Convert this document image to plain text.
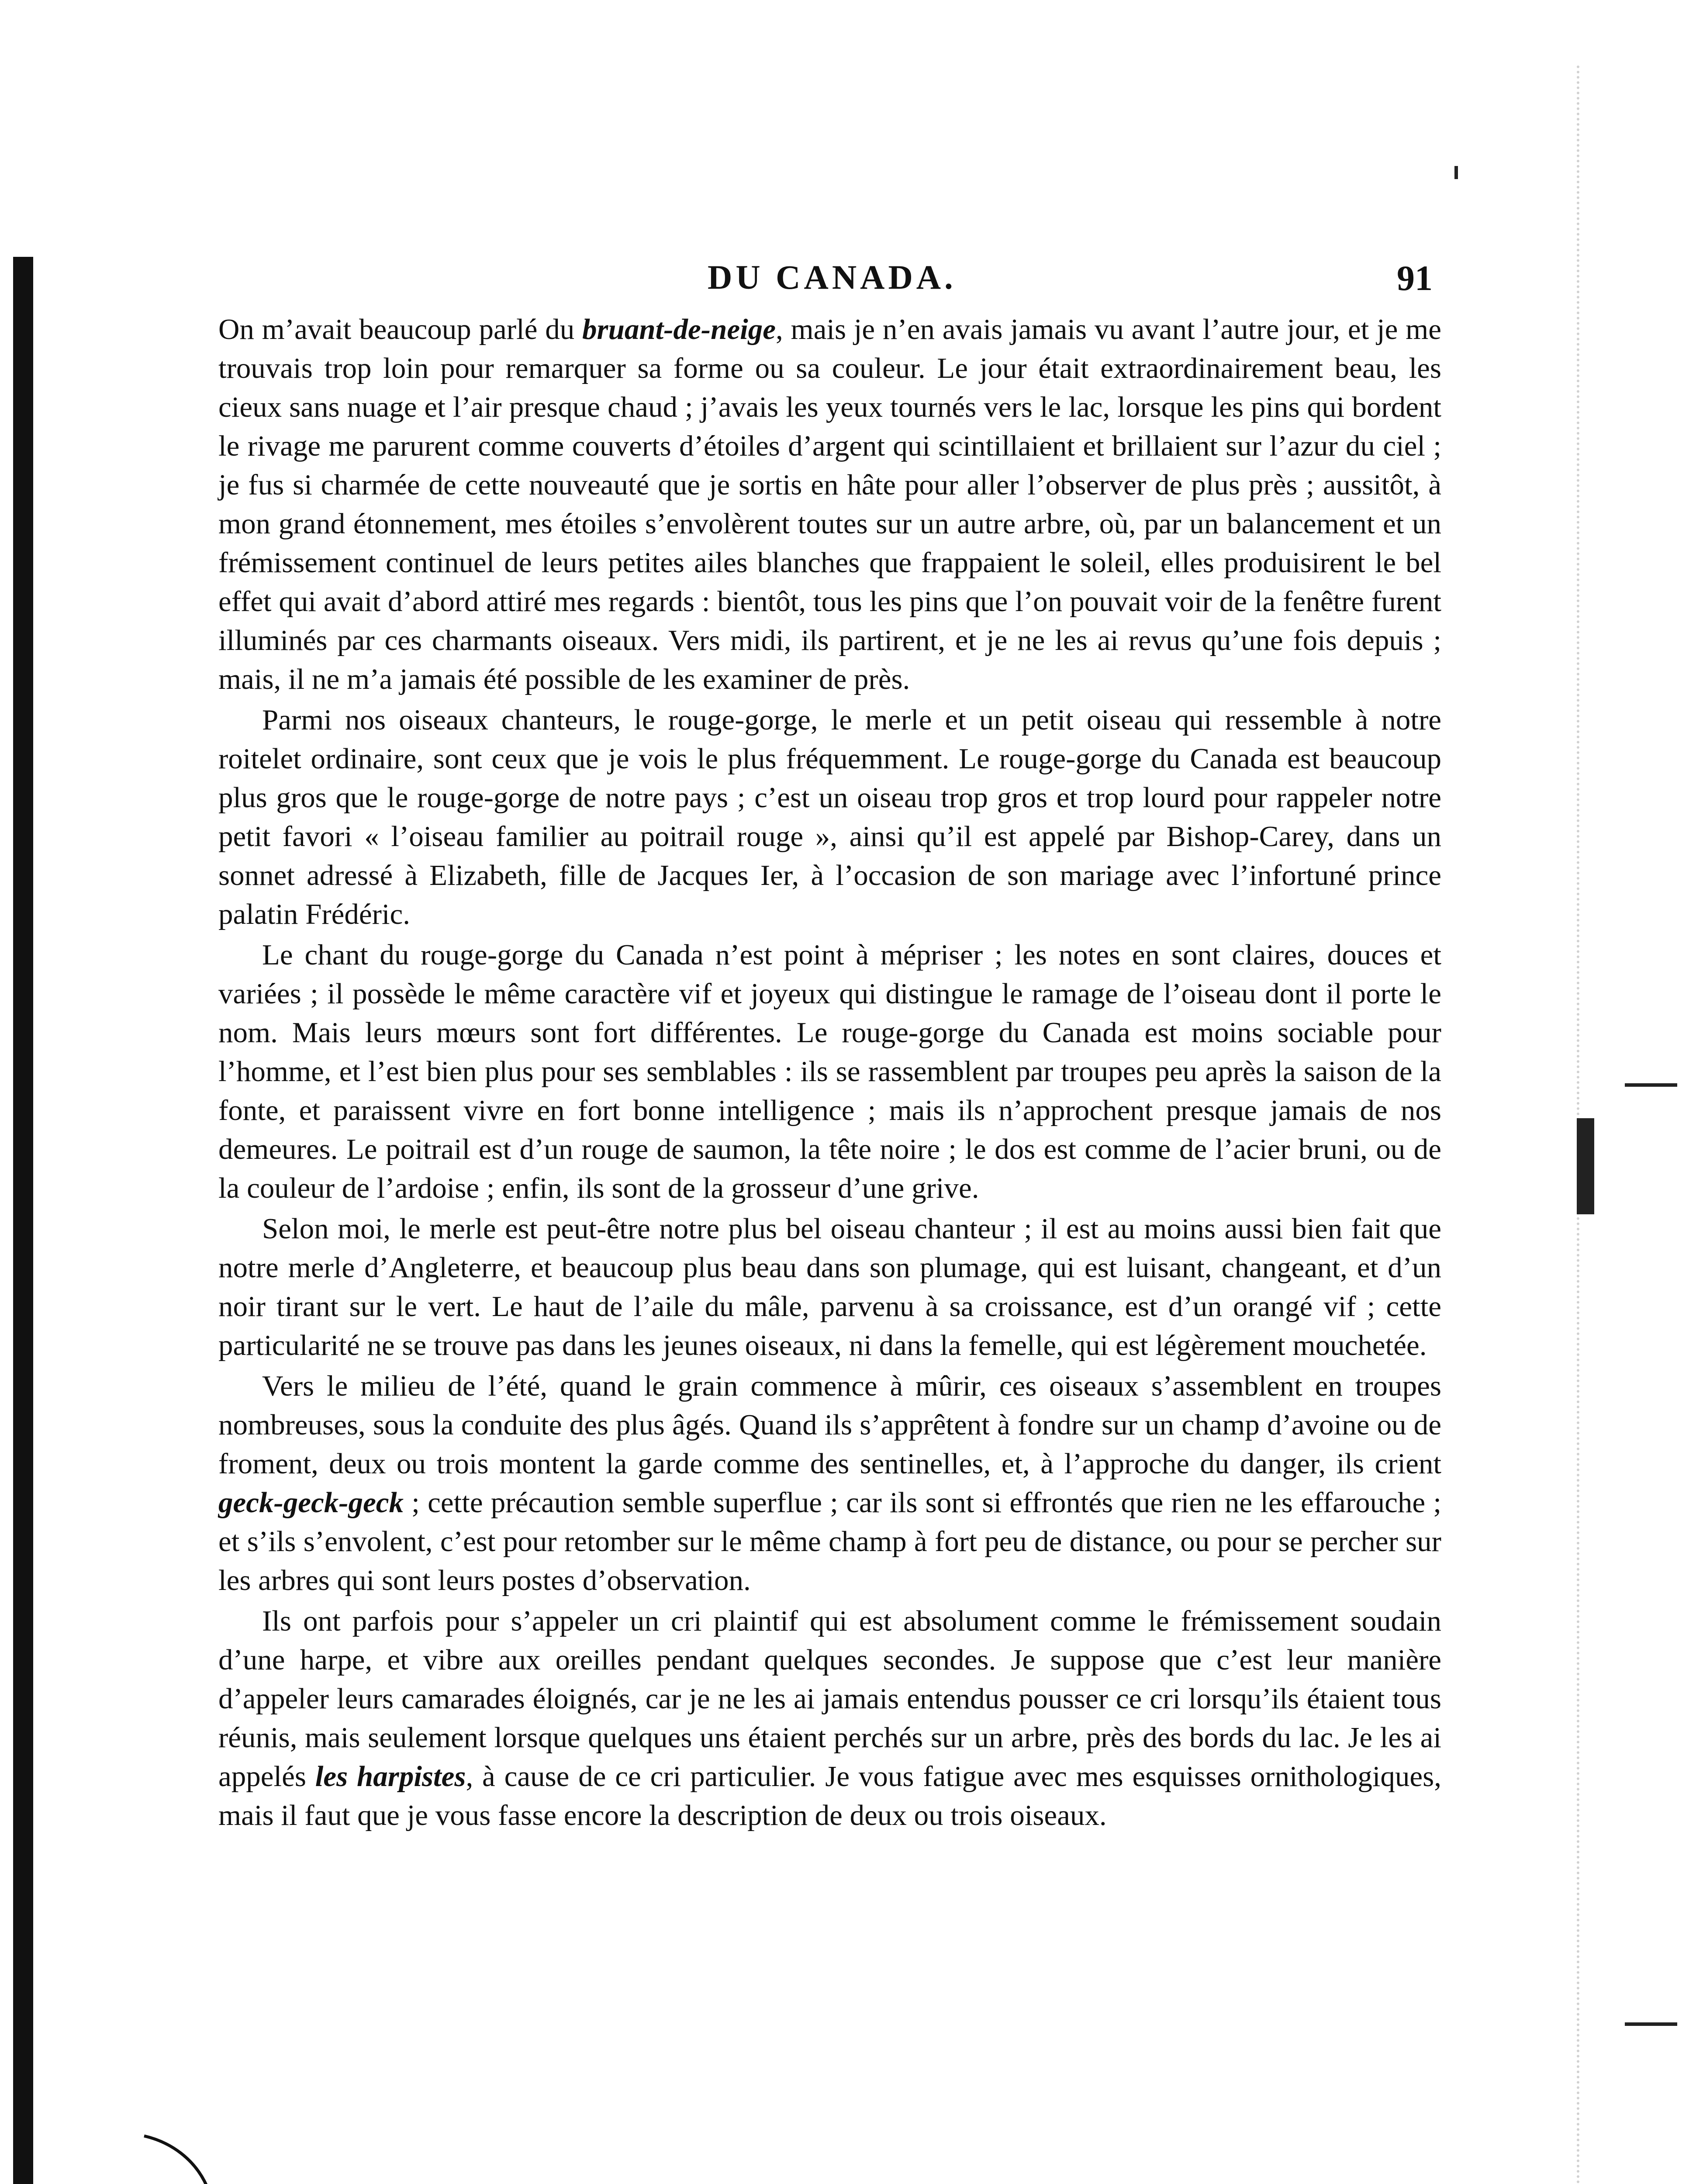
DU CANADA.	91

On m’avait beaucoup parlé du bruant-de-neige, mais je n’en avais jamais vu avant l’autre jour, et je me trouvais trop loin pour remarquer sa forme ou sa couleur. Le jour était extraordinairement beau, les cieux sans nuage et l’air presque chaud ; j’avais les yeux tournés vers le lac, lorsque les pins qui bordent le rivage me parurent comme couverts d’étoiles d’argent qui scintillaient et brillaient sur l’azur du ciel ; je fus si charmée de cette nouveauté que je sortis en hâte pour aller l’observer de plus près ; aussitôt, à mon grand étonnement, mes étoiles s’envolèrent toutes sur un autre arbre, où, par un balancement et un frémissement continuel de leurs petites ailes blanches que frappaient le soleil, elles produisirent le bel effet qui avait d’abord attiré mes regards : bientôt, tous les pins que l’on pouvait voir de la fenêtre furent illuminés par ces charmants oiseaux. Vers midi, ils partirent, et je ne les ai revus qu’une fois depuis ; mais, il ne m’a jamais été possible de les examiner de près.

Parmi nos oiseaux chanteurs, le rouge-gorge, le merle et un petit oiseau qui ressemble à notre roitelet ordinaire, sont ceux que je vois le plus fréquemment. Le rouge-gorge du Canada est beaucoup plus gros que le rouge-gorge de notre pays ; c’est un oiseau trop gros et trop lourd pour rappeler notre petit favori « l’oiseau familier au poitrail rouge », ainsi qu’il est appelé par Bishop-Carey, dans un sonnet adressé à Elizabeth, fille de Jacques Ier, à l’occasion de son mariage avec l’infortuné prince palatin Frédéric.

Le chant du rouge-gorge du Canada n’est point à mépriser ; les notes en sont claires, douces et variées ; il possède le même caractère vif et joyeux qui distingue le ramage de l’oiseau dont il porte le nom. Mais leurs mœurs sont fort différentes. Le rouge-gorge du Canada est moins sociable pour l’homme, et l’est bien plus pour ses semblables : ils se rassemblent par troupes peu après la saison de la fonte, et paraissent vivre en fort bonne intelligence ; mais ils n’approchent presque jamais de nos demeures. Le poitrail est d’un rouge de saumon, la tête noire ; le dos est comme de l’acier bruni, ou de la couleur de l’ardoise ; enfin, ils sont de la grosseur d’une grive.

Selon moi, le merle est peut-être notre plus bel oiseau chanteur ; il est au moins aussi bien fait que notre merle d’Angleterre, et beaucoup plus beau dans son plumage, qui est luisant, changeant, et d’un noir tirant sur le vert. Le haut de l’aile du mâle, parvenu à sa croissance, est d’un orangé vif ; cette particularité ne se trouve pas dans les jeunes oiseaux, ni dans la femelle, qui est légèrement mouchetée.

Vers le milieu de l’été, quand le grain commence à mûrir, ces oiseaux s’assemblent en troupes nombreuses, sous la conduite des plus âgés. Quand ils s’apprêtent à fondre sur un champ d’avoine ou de froment, deux ou trois montent la garde comme des sentinelles, et, à l’approche du danger, ils crient geck-geck-geck ; cette précaution semble superflue ; car ils sont si effrontés que rien ne les effarouche ; et s’ils s’envolent, c’est pour retomber sur le même champ à fort peu de distance, ou pour se percher sur les arbres qui sont leurs postes d’observation.

Ils ont parfois pour s’appeler un cri plaintif qui est absolument comme le frémissement soudain d’une harpe, et vibre aux oreilles pendant quelques secondes. Je suppose que c’est leur manière d’appeler leurs camarades éloignés, car je ne les ai jamais entendus pousser ce cri lorsqu’ils étaient tous réunis, mais seulement lorsque quelques uns étaient perchés sur un arbre, près des bords du lac. Je les ai appelés les harpistes, à cause de ce cri particulier. Je vous fatigue avec mes esquisses ornithologiques, mais il faut que je vous fasse encore la description de deux ou trois oiseaux.
